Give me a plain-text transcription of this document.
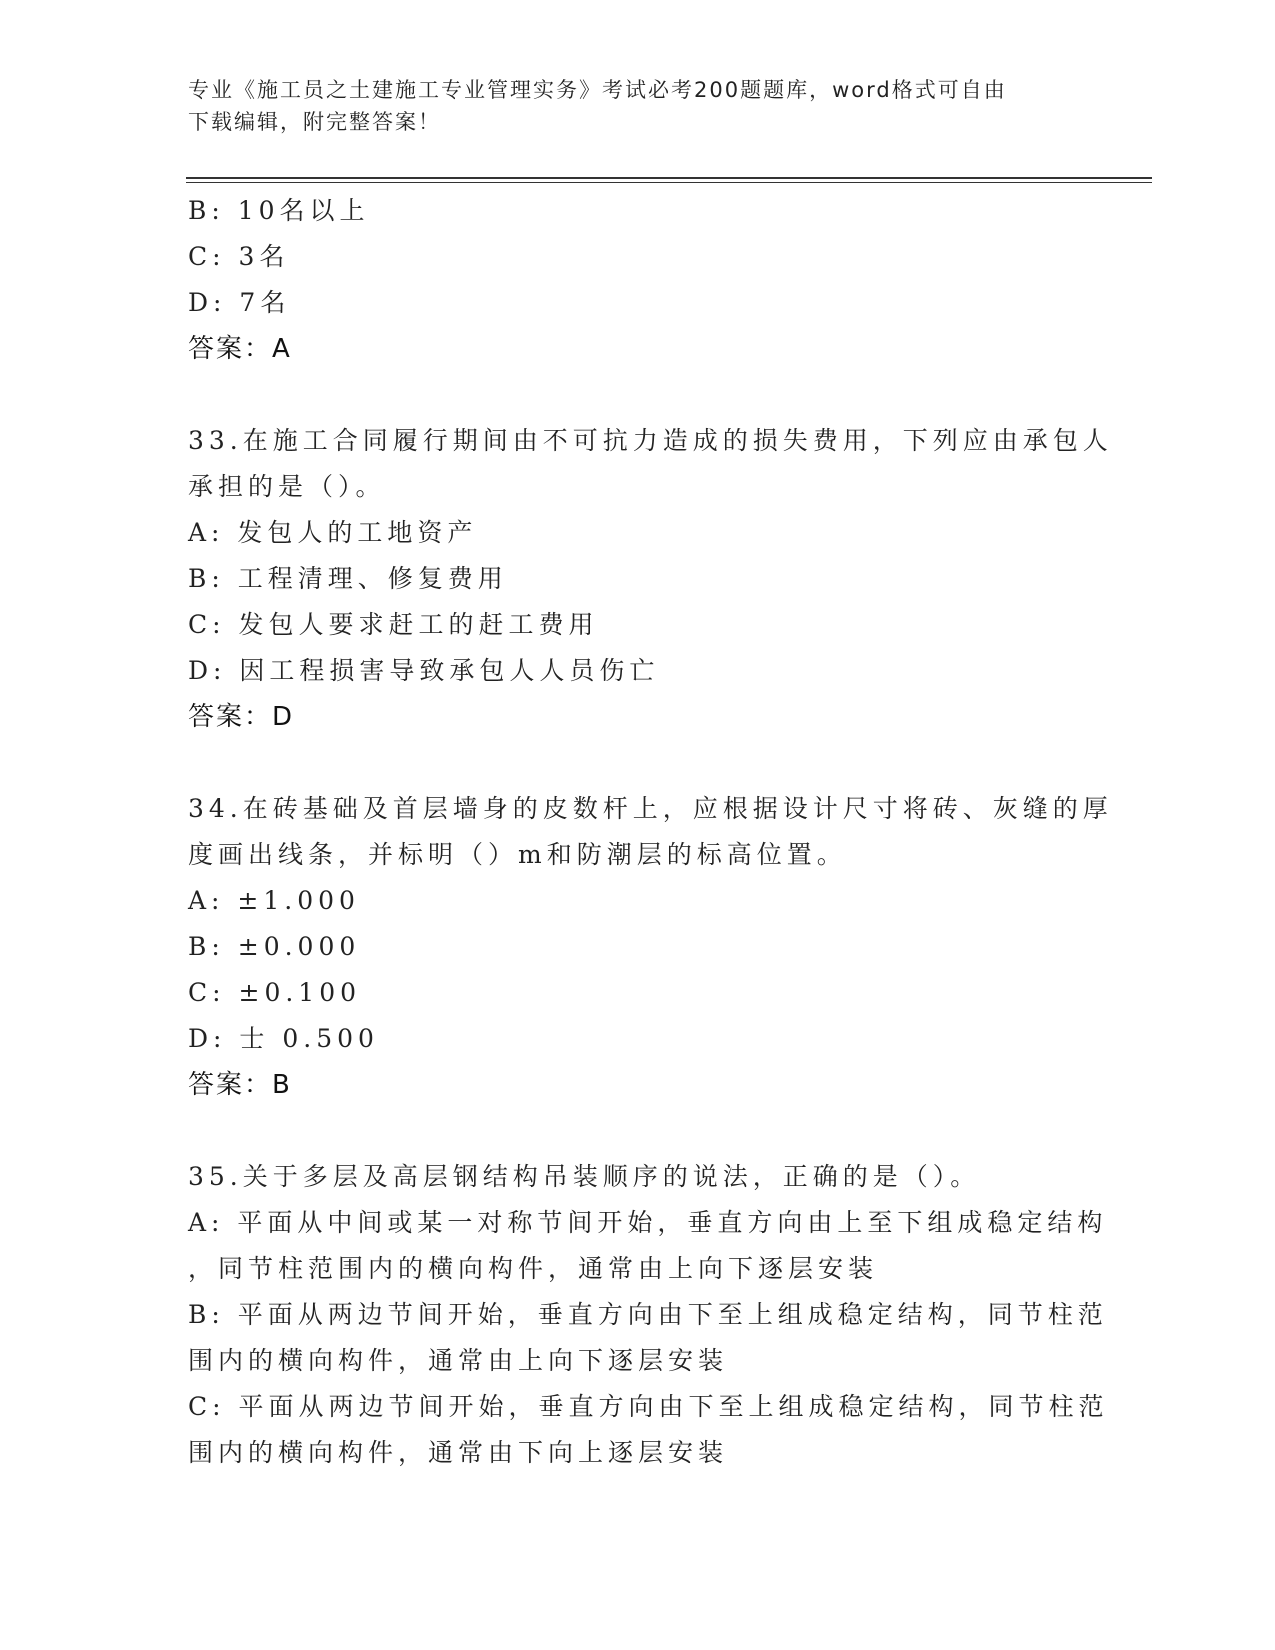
专业《施工员之土建施工专业管理实务》考试必考200题题库，word格式可自由
下载编辑，附完整答案！
B: 10名以上
C: 3名
D: 7名
答案：A
33.在施工合同履行期间由不可抗力造成的损失费用，下列应由承包人
承担的是（）。
A: 发包人的工地资产
B: 工程清理、修复费用
C: 发包人要求赶工的赶工费用
D: 因工程损害导致承包人人员伤亡
答案：D
34.在砖基础及首层墙身的皮数杆上，应根据设计尺寸将砖、灰缝的厚
度画出线条，并标明（）m和防潮层的标高位置。
A: ±1.000
B: ±0.000
C: ±0.100
D: 士 0.500
答案：B
35.关于多层及高层钢结构吊装顺序的说法，正确的是（）。
A: 平面从中间或某一对称节间开始，垂直方向由上至下组成稳定结构
，同节柱范围内的横向构件，通常由上向下逐层安装
B: 平面从两边节间开始，垂直方向由下至上组成稳定结构，同节柱范
围内的横向构件，通常由上向下逐层安装
C: 平面从两边节间开始，垂直方向由下至上组成稳定结构，同节柱范
围内的横向构件，通常由下向上逐层安装
